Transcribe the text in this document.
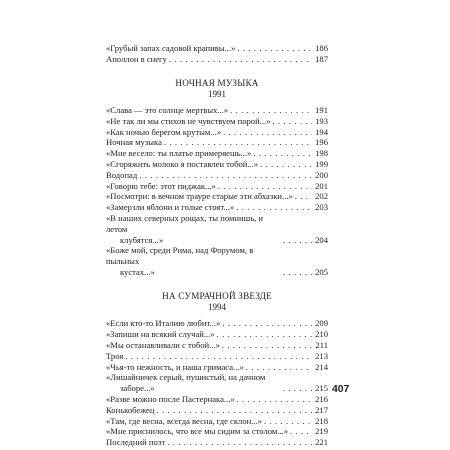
«Грубый запах садовой крапивы...» . . .	186
Аполлон в снегу . . .	187
НОЧНАЯ МУЗЫКА
1991
«Слава — это солнце мертвых...» . . .	191
«Не так ли мы стихов не чувствуем порой...» . . .	193
«Как ночью берегом крутым...» . . .	194
Ночная музыка . . .	196
«Мне весело: ты платье примеряешь...» . . .	198
«Сгоряжить молоко я поставлен тобой...» . . .	199
Водопад . . .	200
«Говорю тебе: этот пиджак...» . . .	201
«Посмотри: в вечном трауре старые эти абхазки...» . . .	202
«Замерзли яблони и голые стоят...» . . .	203
«В наших северных рощах, ты помнишь, и летом
клубятся...» . . .	204
«Боже мой, среди Рима, над Форумом, в пыльных
кустах...» . . .	205
НА СУМРАЧНОЙ ЗВЕЗДЕ
1994
«Если кто-то Италию любит...» . . .	209
«Запиши на всякий случай...» . . .	210
«Мы останавливали с тобой...» . . .	211
Троя . . .	213
«Чья-то нежность, и наша гримаса...» . . .	214
«Лишайничек серый, пушистый, на дачном
заборе...» . . .	215
«Разве можно после Пастернака...» . . .	216
Конькобежец . . .	217
«Там, где весна, всегда весна, где склон...» . . .	218
«Мне приснилось, что все мы сидим за столом...» . . .	219
Последний поэт . . .	221
407
